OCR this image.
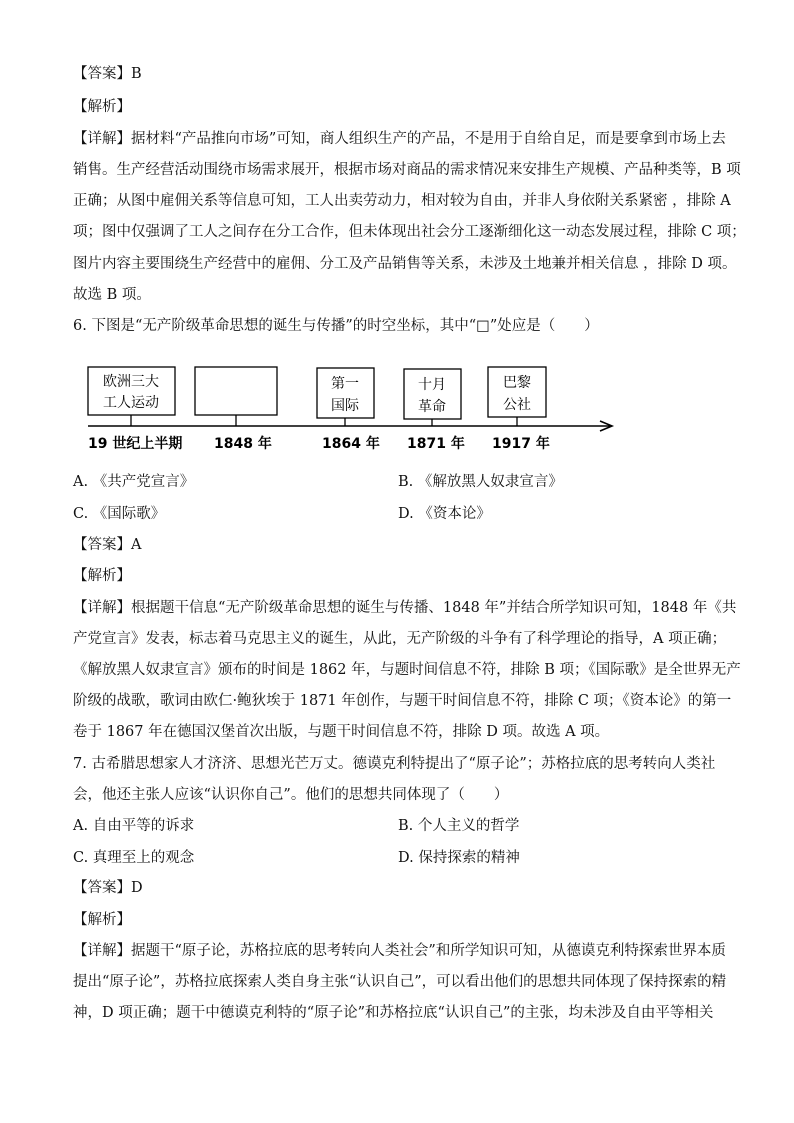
【答案】B
【解析】
【详解】据材料“产品推向市场”可知，商人组织生产的产品，不是用于自给自足，而是要拿到市场上去
销售。生产经营活动围绕市场需求展开，根据市场对商品的需求情况来安排生产规模、产品种类等，B 项
正确；从图中雇佣关系等信息可知，工人出卖劳动力，相对较为自由，并非人身依附关系紧密 ，排除 A
项；图中仅强调了工人之间存在分工合作，但未体现出社会分工逐渐细化这一动态发展过程，排除 C 项；
图片内容主要围绕生产经营中的雇佣、分工及产品销售等关系，未涉及土地兼并相关信息 ，排除 D 项。
故选 B 项。
6. 下图是“无产阶级革命思想的诞生与传播”的时空坐标，其中“□”处应是（　　）
欧洲三大
工人运动
第一
国际
十月
革命
巴黎
公社
19 世纪上半期 1848 年	1864 年 1871 年 1917 年
A. 《共产党宣言》	B. 《解放黑人奴隶宣言》
C. 《国际歌》	D. 《资本论》
【答案】A
【解析】
【详解】根据题干信息“无产阶级革命思想的诞生与传播、1848 年”并结合所学知识可知，1848 年《共
产党宣言》发表，标志着马克思主义的诞生，从此，无产阶级的斗争有了科学理论的指导，A 项正确；
《解放黑人奴隶宣言》颁布的时间是 1862 年，与题时间信息不符，排除 B 项；《国际歌》是全世界无产
阶级的战歌，歌词由欧仁·鲍狄埃于 1871 年创作，与题干时间信息不符，排除 C 项；《资本论》的第一
卷于 1867 年在德国汉堡首次出版，与题干时间信息不符，排除 D 项。故选 A 项。
7. 古希腊思想家人才济济、思想光芒万丈。德谟克利特提出了“原子论”；苏格拉底的思考转向人类社
会，他还主张人应该“认识你自己”。他们的思想共同体现了（　　）
A. 自由平等的诉求	B. 个人主义的哲学
C. 真理至上的观念	D. 保持探索的精神
【答案】D
【解析】
【详解】据题干“原子论，苏格拉底的思考转向人类社会”和所学知识可知，从德谟克利特探索世界本质
提出“原子论”，苏格拉底探索人类自身主张“认识自己”，可以看出他们的思想共同体现了保持探索的精
神，D 项正确；题干中德谟克利特的“原子论”和苏格拉底“认识自己”的主张，均未涉及自由平等相关
